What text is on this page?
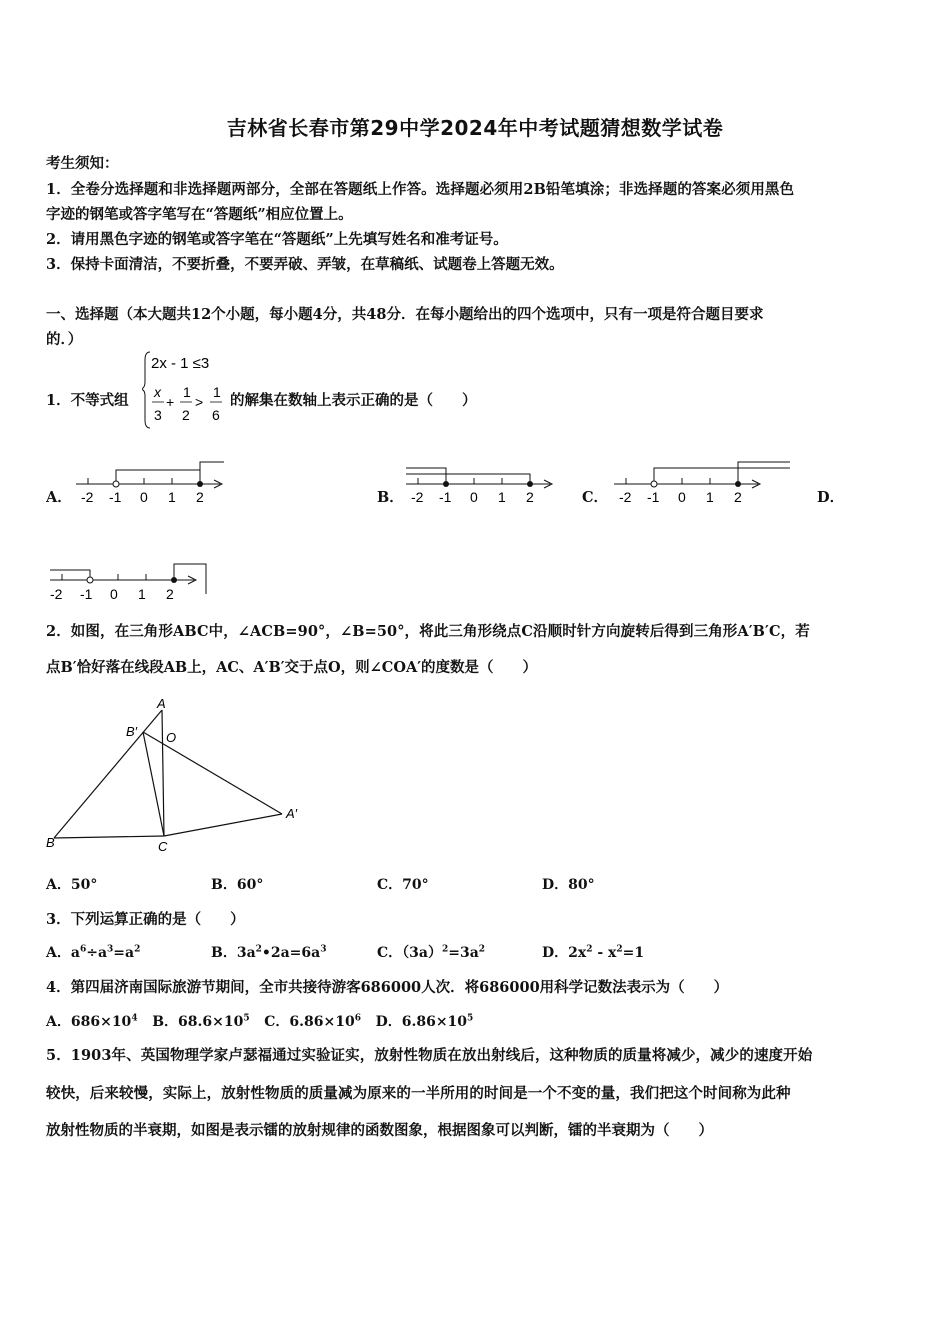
吉林省长春市第29中学2024年中考试题猜想数学试卷
考生须知：
1．全卷分选择题和非选择题两部分，全部在答题纸上作答。选择题必须用2B铅笔填涂；非选择题的答案必须用黑色
字迹的钢笔或答字笔写在“答题纸”相应位置上。
2．请用黑色字迹的钢笔或答字笔在“答题纸”上先填写姓名和准考证号。
3．保持卡面清洁，不要折叠，不要弄破、弄皱，在草稿纸、试题卷上答题无效。
一、选择题（本大题共12个小题，每小题4分，共48分．在每小题给出的四个选项中，只有一项是符合题目要求
的．）
1．不等式组
2x - 1 ≤3
x
3
+
1
2
>
1
6
的解集在数轴上表示正确的是（　　）
A．	B．	C．	D．
-2 -1 0 1 2	-2 -1 0 1 2	-2 -1 0 1 2
-2 -1 0 1 2
2．如图，在三角形ABC中，∠ACB=90°，∠B=50°，将此三角形绕点C沿顺时针方向旋转后得到三角形A′B′C，若
点B′恰好落在线段AB上，AC、A′B′交于点O，则∠COA′的度数是（　　）
A
B′ O
A′
B	C
A．50°	B．60°	C．70°	D．80°
3．下列运算正确的是（　　）
A．$a^6\div a^3=a^2$	B．$3a^2•2a=6a^3$	C．$(3a)^2=3a^2$	D．$2x^2 - x^2=1$
4．第四届济南国际旅游节期间，全市共接待游客686000人次．将686000用科学记数法表示为（　　）
A．$686\times 10^4$ B．$68.6\times 10^5$ C．$6.86\times 10^6$ D．$6.86\times 10^5$
5．1903年、英国物理学家卢瑟福通过实验证实，放射性物质在放出射线后，这种物质的质量将减少，减少的速度开始
较快，后来较慢，实际上，放射性物质的质量减为原来的一半所用的时间是一个不变的量，我们把这个时间称为此种
放射性物质的半衰期，如图是表示镭的放射规律的函数图象，根据图象可以判断，镭的半衰期为（　　）
